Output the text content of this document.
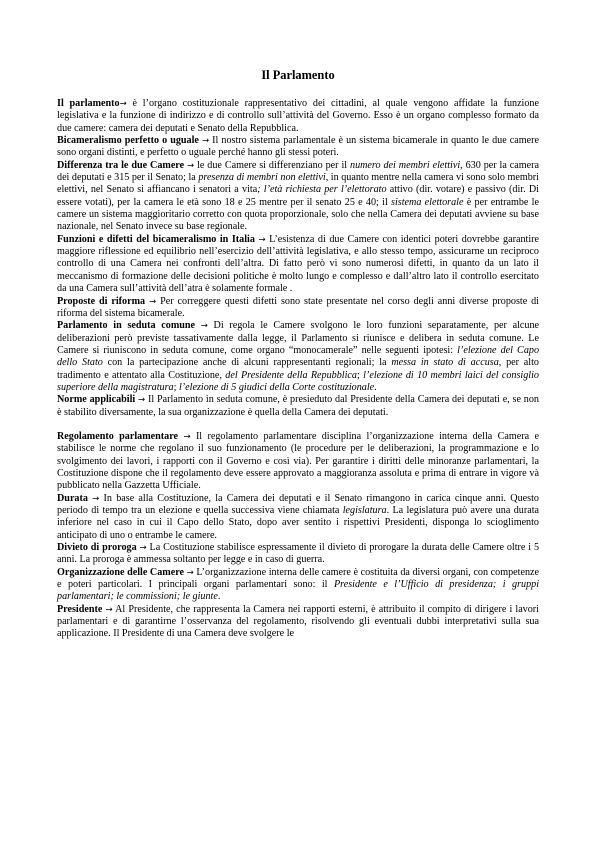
Il Parlamento

Il parlamento→ è l’organo costituzionale rappresentativo dei cittadini, al quale vengono affidate la funzione legislativa e la funzione di indirizzo e di controllo sull’attività del Governo. Esso è un organo complesso formato da due camere: camera dei deputati e Senato della Repubblica.

Bicameralismo perfetto o uguale → Il nostro sistema parlamentale è un sistema bicamerale in quanto le due camere sono organi distinti, e perfetto o uguale perché hanno gli stessi poteri.

Differenza tra le due Camere → le due Camere si differenziano per il numero dei membri elettivi, 630 per la camera dei deputati e 315 per il Senato; la presenza di membri non elettivi, in quanto mentre nella camera vi sono solo membri elettivi, nel Senato si affiancano i senatori a vita; l’età richiesta per l’elettorato attivo (dir. votare) e passivo (dir. Di essere votati), per la camera le età sono 18 e 25 mentre per il senato 25 e 40; il sistema elettorale è per entrambe le camere un sistema maggioritario corretto con quota proporzionale, solo che nella Camera dei deputati avviene su base nazionale, nel Senato invece su base regionale.

Funzioni e difetti del bicameralismo in Italia → L’esistenza di due Camere con identici poteri dovrebbe garantire maggiore riflessione ed equilibrio nell’esercizio dell’attività legislativa, e allo stesso tempo, assicurarne un reciproco controllo di una Camera nei confronti dell’altra. Di fatto però vi sono numerosi difetti, in quanto da un lato il meccanismo di formazione delle decisioni politiche è molto lungo e complesso e dall’altro lato il controllo esercitato da una Camera sull’attività dell’atra è solamente formale .

Proposte di riforma → Per correggere questi difetti sono state presentate nel corso degli anni diverse proposte di riforma del sistema bicamerale.

Parlamento in seduta comune → Di regola le Camere svolgono le loro funzioni separatamente, per alcune deliberazioni però previste tassativamente dalla legge, il Parlamento si riunisce e delibera in seduta comune. Le Camere si riuniscono in seduta comune, come organo “monocamerale” nelle seguenti ipotesi: l’elezione del Capo dello Stato con la partecipazione anche di alcuni rappresentanti regionali; la messa in stato di accusa, per alto tradimento e attentato alla Costituzione, del Presidente della Repubblica; l’elezione di 10 membri laici del consiglio superiore della magistratura; l’elezione di 5 giudici della Corte costituzionale.

Norme applicabili → Il Parlamento in seduta comune, è presieduto dal Presidente della Camera dei deputati e, se non è stabilito diversamente, la sua organizzazione è quella della Camera dei deputati.

Regolamento parlamentare → Il regolamento parlamentare disciplina l’organizzazione interna della Camera e stabilisce le norme che regolano il suo funzionamento (le procedure per le deliberazioni, la programmazione e lo svolgimento dei lavori, i rapporti con il Governo e così via). Per garantire i diritti delle minoranze parlamentari, la Costituzione dispone che il regolamento deve essere approvato a maggioranza assoluta e prima di entrare in vigore và pubblicato nella Gazzetta Ufficiale.

Durata → In base alla Costituzione, la Camera dei deputati e il Senato rimangono in carica cinque anni. Questo periodo di tempo tra un elezione e quella successiva viene chiamata legislatura. La legislatura può avere una durata inferiore nel caso in cui il Capo dello Stato, dopo aver sentito i rispettivi Presidenti, disponga lo scioglimento anticipato di uno o entrambe le camere.

Divieto di proroga → La Costituzione stabilisce espressamente il divieto di prorogare la durata delle Camere oltre i 5 anni. La proroga è ammessa soltanto per legge e in caso di guerra.

Organizzazione delle Camere → L’organizzazione interna delle camere è costituita da diversi organi, con competenze e poteri particolari. I principali organi parlamentari sono: il Presidente e l’Ufficio di presidenza; i gruppi parlamentari; le commissioni; le giunte.

Presidente → Al Presidente, che rappresenta la Camera nei rapporti esterni, è attribuito il compito di dirigere i lavori parlamentari e di garantirne l’osservanza del regolamento, risolvendo gli eventuali dubbi interpretativi sulla sua applicazione. Il Presidente di una Camera deve svolgere le
